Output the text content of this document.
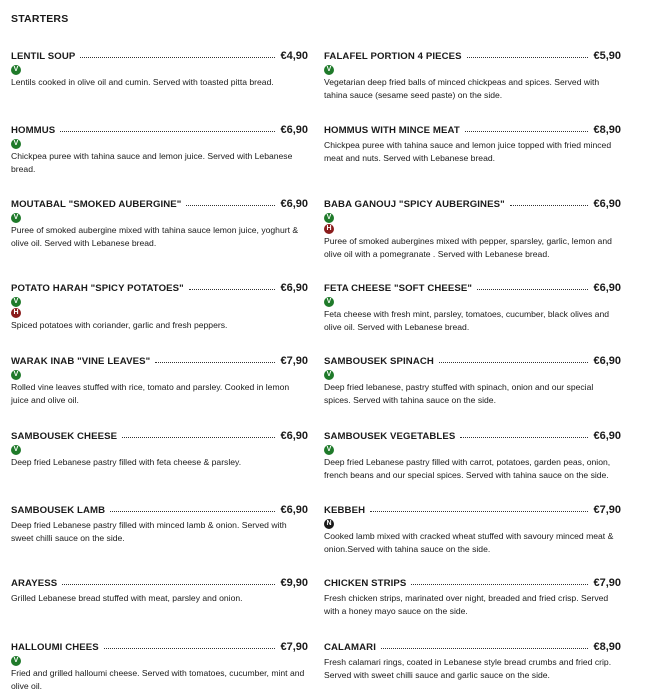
STARTERS
LENTIL SOUP	€4,90
V
Lentils cooked in olive oil and cumin. Served with toasted pitta bread.
FALAFEL PORTION 4 PIECES	€5,90
V
Vegetarian deep fried balls of minced chickpeas and spices. Served with tahina sauce (sesame seed paste) on the side.
HOMMUS	€6,90
V
Chickpea puree with tahina sauce and lemon juice. Served with Lebanese bread.
HOMMUS WITH MINCE MEAT	€8,90
Chickpea puree with tahina sauce and lemon juice topped with fried minced meat and nuts. Served with Lebanese bread.
MOUTABAL "SMOKED AUBERGINE"	€6,90
V
Puree of smoked aubergine mixed with tahina sauce lemon juice, yoghurt & olive oil. Served with Lebanese bread.
BABA GANOUJ "SPICY AUBERGINES"	€6,90
V
H
Puree of smoked aubergines mixed with pepper, sparsley, garlic, lemon and olive oil with a pomegranate . Served with Lebanese bread.
POTATO HARAH "SPICY POTATOES"	€6,90
V
H
Spiced potatoes with coriander, garlic and fresh peppers.
FETA CHEESE "SOFT CHEESE"	€6,90
V
Feta cheese with fresh mint, parsley, tomatoes, cucumber, black olives and olive oil. Served with Lebanese bread.
WARAK INAB "VINE LEAVES"	€7,90
V
Rolled vine leaves stuffed with rice, tomato and parsley. Cooked in lemon juice and olive oil.
SAMBOUSEK SPINACH	€6,90
V
Deep fried lebanese, pastry stuffed with spinach, onion and our special spices. Served with tahina sauce on the side.
SAMBOUSEK CHEESE	€6,90
V
Deep fried Lebanese pastry filled with feta cheese & parsley.
SAMBOUSEK VEGETABLES	€6,90
V
Deep fried Lebanese pastry filled with carrot, potatoes, garden peas, onion, french beans and our special spices. Served with tahina sauce on the side.
SAMBOUSEK LAMB	€6,90
Deep fried Lebanese pastry filled with minced lamb & onion. Served with sweet chilli sauce on the side.
KEBBEH	€7,90
N
Cooked lamb mixed with cracked wheat stuffed with savoury minced meat & onion.Served with tahina sauce on the side.
ARAYESS	€9,90
Grilled Lebanese bread stuffed with meat, parsley and onion.
CHICKEN STRIPS	€7,90
Fresh chicken strips, marinated over night, breaded and fried crisp. Served with a honey mayo sauce on the side.
HALLOUMI CHEES	€7,90
V
Fried and grilled halloumi cheese. Served with tomatoes, cucumber, mint and olive oil.
CALAMARI	€8,90
Fresh calamari rings, coated in Lebanese style bread crumbs and fried crip. Served with sweet chilli sauce and garlic sauce on the side.
